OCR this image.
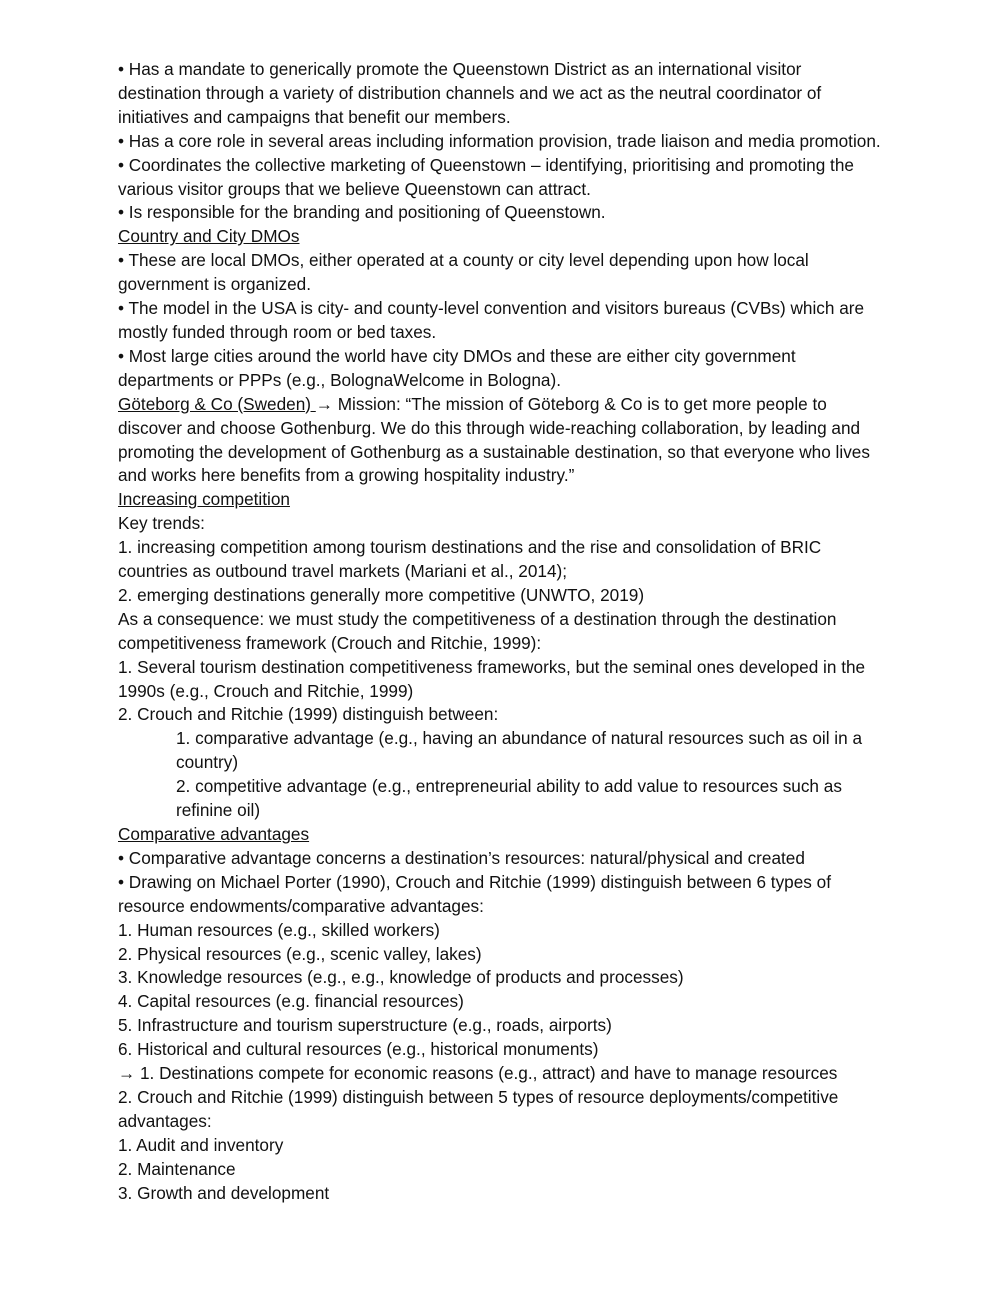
• Has a mandate to generically promote the Queenstown District as an international visitor destination through a variety of distribution channels and we act as the neutral coordinator of initiatives and campaigns that benefit our members.

• Has a core role in several areas including information provision, trade liaison and media promotion.

• Coordinates the collective marketing of Queenstown – identifying, prioritising and promoting the various visitor groups that we believe Queenstown can attract.

• Is responsible for the branding and positioning of Queenstown.

Country and City DMOs

• These are local DMOs, either operated at a county or city level depending upon how local government is organized.

• The model in the USA is city- and county-level convention and visitors bureaus (CVBs) which are mostly funded through room or bed taxes.

• Most large cities around the world have city DMOs and these are either city government departments or PPPs (e.g., BolognaWelcome in Bologna).

Göteborg & Co (Sweden) → Mission: “The mission of Göteborg & Co is to get more people to discover and choose Gothenburg. We do this through wide-reaching collaboration, by leading and promoting the development of Gothenburg as a sustainable destination, so that everyone who lives and works here benefits from a growing hospitality industry.”

Increasing competition

Key trends:

1. increasing competition among tourism destinations and the rise and consolidation of BRIC countries as outbound travel markets (Mariani et al., 2014);

2. emerging destinations generally more competitive (UNWTO, 2019)

As a consequence: we must study the competitiveness of a destination through the destination competitiveness framework (Crouch and Ritchie, 1999):

1. Several tourism destination competitiveness frameworks, but the seminal ones developed in the 1990s (e.g., Crouch and Ritchie, 1999)

2. Crouch and Ritchie (1999) distinguish between:

1. comparative advantage (e.g., having an abundance of natural resources such as oil in a country)

2. competitive advantage (e.g., entrepreneurial ability to add value to resources such as refinine oil)

Comparative advantages

• Comparative advantage concerns a destination’s resources: natural/physical and created

• Drawing on Michael Porter (1990), Crouch and Ritchie (1999) distinguish between 6 types of resource endowments/comparative advantages:

1. Human resources (e.g., skilled workers)

2. Physical resources (e.g., scenic valley, lakes)

3. Knowledge resources (e.g., e.g., knowledge of products and processes)

4. Capital resources (e.g. financial resources)

5. Infrastructure and tourism superstructure (e.g., roads, airports)

6. Historical and cultural resources (e.g., historical monuments)

→ 1. Destinations compete for economic reasons (e.g., attract) and have to manage resources

2. Crouch and Ritchie (1999) distinguish between 5 types of resource deployments/competitive advantages:

1. Audit and inventory

2. Maintenance

3. Growth and development
